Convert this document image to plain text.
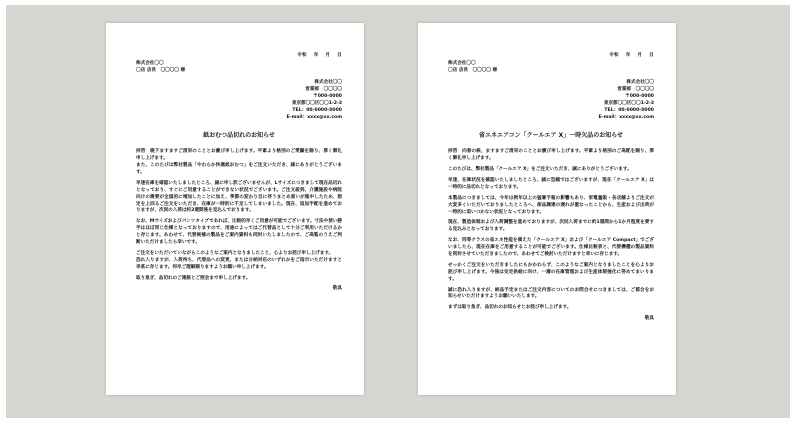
令和　 年　 月　 日
株式会社〇〇
〇店 店長　〇〇〇〇 様
株式会社〇〇
営業部　〇〇〇〇
〒000-0000
東京都〇〇区〇〇1-2-3
TEL：00-0000-0000
E-mail：xxxx@xx.com
紙おむつ品切れのお知らせ

拝啓　晩下ますますご清栄のこととお慶び申し上げます。平素より格別のご愛顧を賜り、厚く御礼申し上げます。

また、このたびは弊社製品「やわらか快適紙おむつ」をご注文いただき、誠にありがとうございます。

早速在庫を確認いたしましたところ、誠に申し訳ございませんが、Lサイズにつきまして現在品切れとなっており、すぐにご用意することができない状況でございます。ご注文殺到、介護施設や病院向けの需要が全国的に増加したことに加え、季節の変わり目に伴うまとめ買いが集中したため、想定を上回るご注文をいただき、在庫が一時的に不足してしまいました。現在、追加手配を進めておりますが、次回の入荷は約2週間後を見込んでおります。

なお、Mサイズおよびパンツタイプであれば、比較的早くご用意が可能でございます。寸法や使い勝手はほぼ同じ仕様となっておりますので、用途によってはご代替品として十分ご利用いただけるかと存じます。あわせて、代替候補の製品をご案内資料も同封いたしましたので、ご高覧のうえご判断いただけましたら幸いです。

ご注文をいただいていながらこのようなご案内となりましたこと、心よりお詫び申し上げます。

恐れ入りますが、入荷待ち、代替品への変更、または分納対応のいずれかをご指示いただけますと幸甚に存じます。何卒ご理解賜りますようお願い申し上げます。

取り急ぎ、品切れのご連絡とご照会まで申し上げます。

敬具
令和　 年　 月　 日
株式会社〇〇
〇店 店長　〇〇〇〇 様
株式会社〇〇
営業部　〇〇〇〇
〒000-0000
東京都〇〇区〇〇1-2-3
TEL：00-0000-0000
E-mail：xxxx@xx.com
省エネエアコン「クールエア X」一時欠品のお知らせ

拝啓　向春の候、ますますご清栄のこととお慶び申し上げます。平素より格別のご高配を賜り、厚く御礼申し上げます。

このたびは、弊社製品「クールエア X」をご注文いただき、誠にありがとうございます。

早速、在庫状況を確認いたしましたところ、誠に恐縮ではございますが、現在「クールエア X」は一時的に品切れとなっております。

本製品につきましては、今年は例年以上の猛暑予報の影響もあり、家電量販・各店舗よりご注文が大変多くいただいておりましたところへ、部品調達の遅れが重なったことから、生産および出荷が一時的に追いつかない状況となっております。

現在、製造体制および入荷調整を進めておりますが、次回入荷までに約1週間から1か月程度を要する見込みとなっております。

なお、同等クラスの省エネ性能を備えた「クールエア X」および「クールエア Compact」でございましたら、現在在庫をご用意することが可能でございます。仕様比較表と、代替機種の製品資料を同封させていただきましたので、あわせてご検討いただけますと幸いに存じます。

せっかくご注文をいただきましたにもかかわらず、このようなご案内となりましたことを心よりお詫び申し上げます。今後は安定供給に向け、一層の在庫管理および生産体制強化に努めてまいります。

誠に恐れ入りますが、納品予定またはご注文内容についてのお問合せにつきましては、ご都合をお知らせいただけますようお願いいたします。

まずは取り急ぎ、品切れのお知らせとお詫び申し上げます。

敬具
